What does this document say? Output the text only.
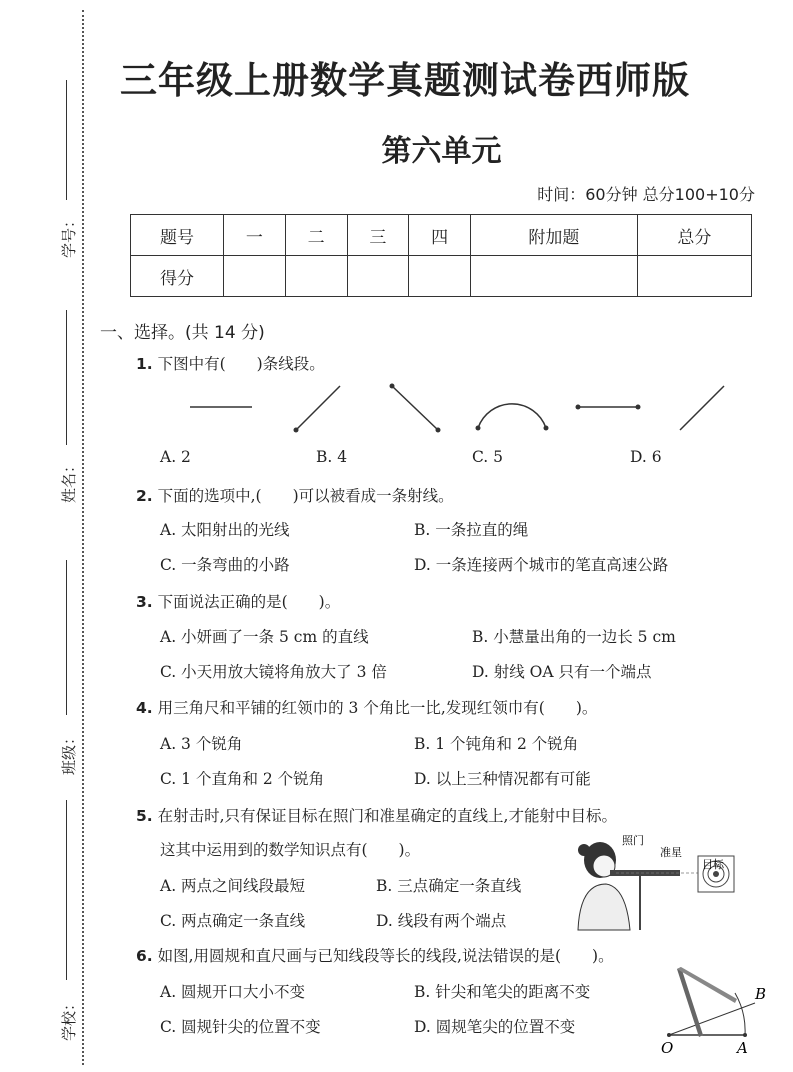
学号：
姓名：
班级：
学校：
三年级上册数学真题测试卷西师版
第六单元
时间：60分钟 总分100+10分
题号	一	二	三	四	附加题	总分
得分						
一、选择。(共 14 分)
1. 下图中有(　　)条线段。
A. 2	B. 4	C. 5	D. 6
2. 下面的选项中,(　　)可以被看成一条射线。
A. 太阳射出的光线	B. 一条拉直的绳
C. 一条弯曲的小路	D. 一条连接两个城市的笔直高速公路
3. 下面说法正确的是(　　)。
A. 小妍画了一条 5 cm 的直线	B. 小慧量出角的一边长 5 cm
C. 小天用放大镜将角放大了 3 倍	D. 射线 OA 只有一个端点
4. 用三角尺和平铺的红领巾的 3 个角比一比,发现红领巾有(　　)。
A. 3 个锐角	B. 1 个钝角和 2 个锐角
C. 1 个直角和 2 个锐角	D. 以上三种情况都有可能
5. 在射击时,只有保证目标在照门和准星确定的直线上,才能射中目标。
这其中运用到的数学知识点有(　　)。
A. 两点之间线段最短	B. 三点确定一条直线
C. 两点确定一条直线	D. 线段有两个端点
照门
准星
目标
6. 如图,用圆规和直尺画与已知线段等长的线段,说法错误的是(　　)。
A. 圆规开口大小不变	B. 针尖和笔尖的距离不变
C. 圆规针尖的位置不变	D. 圆规笔尖的位置不变
O	A
B
